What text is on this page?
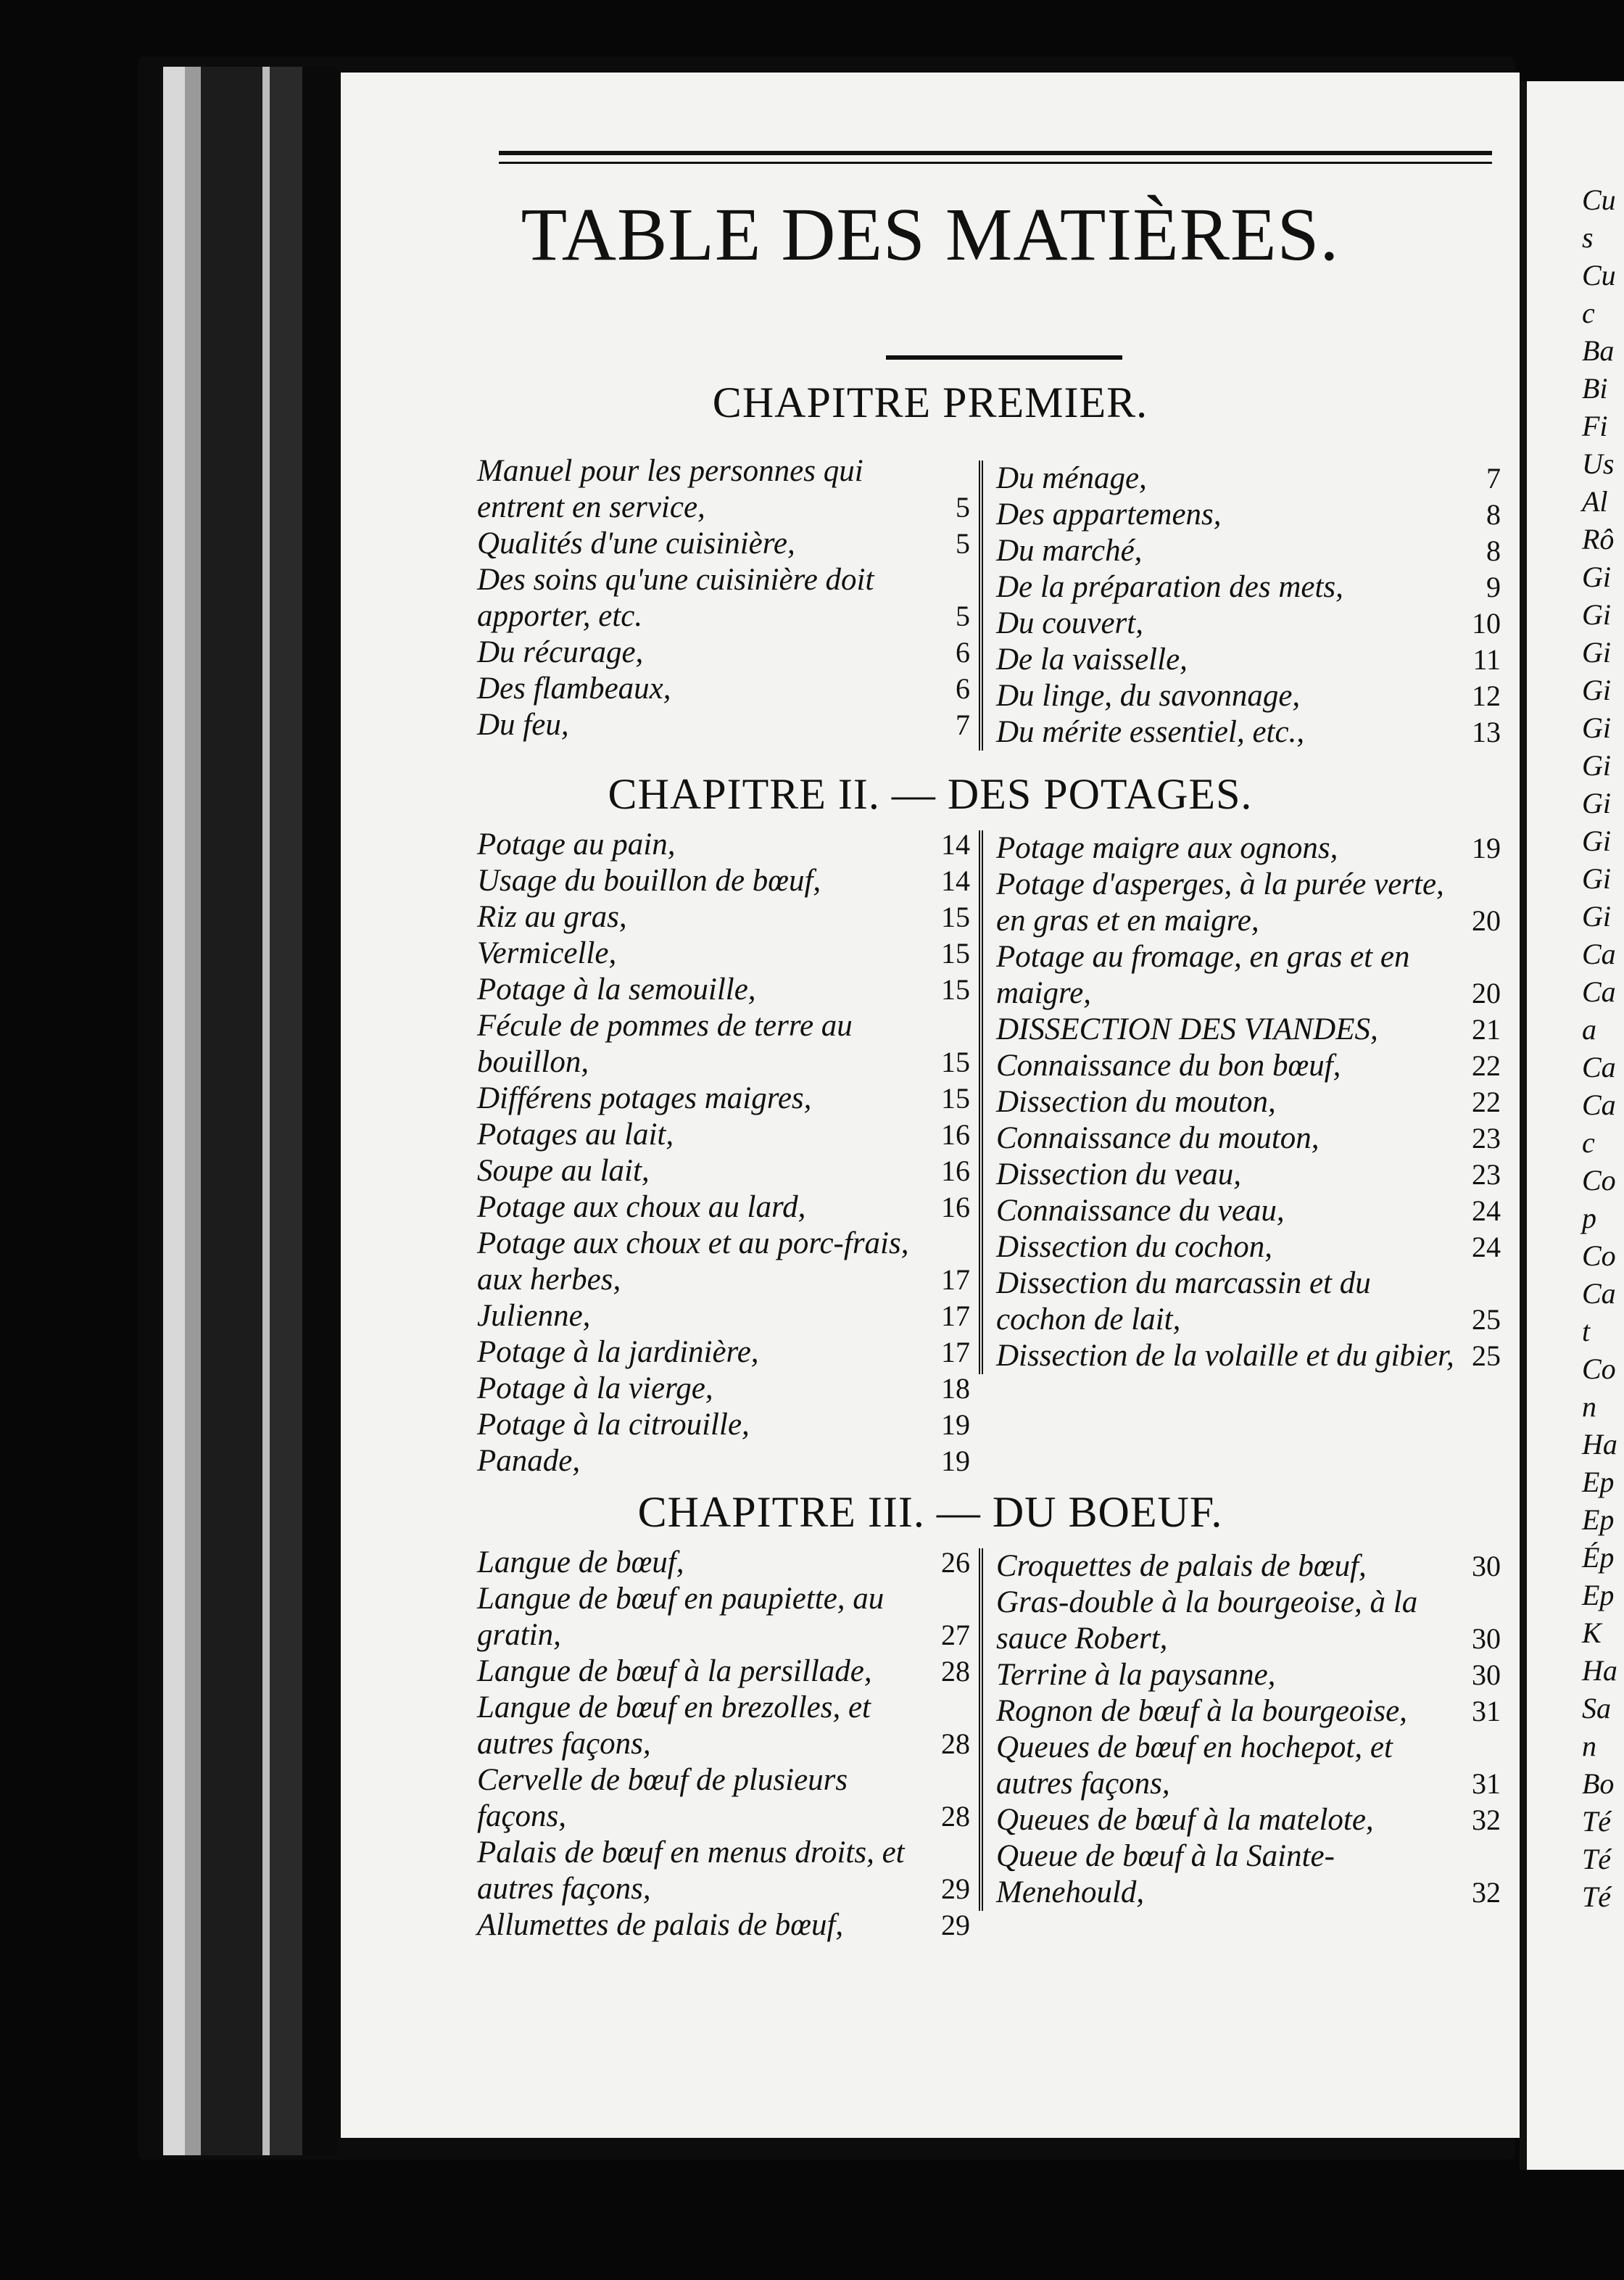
TABLE DES MATIÈRES.
CHAPITRE PREMIER.
Manuel pour les personnes qui entrent en service,	5
Qualités d'une cuisinière,	5
Des soins qu'une cuisinière doit apporter, etc.	5
Du récurage,	6
Des flambeaux,	6
Du feu,	7
Du ménage,	7
Des appartemens,	8
Du marché,	8
De la préparation des mets,	9
Du couvert,	10
De la vaisselle,	11
Du linge, du savonnage,	12
Du mérite essentiel, etc.,	13
CHAPITRE II. — DES POTAGES.
Potage au pain,	14
Usage du bouillon de bœuf,	14
Riz au gras,	15
Vermicelle,	15
Potage à la semouille,	15
Fécule de pommes de terre au bouillon,	15
Différens potages maigres,	15
Potages au lait,	16
Soupe au lait,	16
Potage aux choux au lard,	16
Potage aux choux et au porc-frais, aux herbes,	17
Julienne,	17
Potage à la jardinière,	17
Potage à la vierge,	18
Potage à la citrouille,	19
Panade,	19
Potage maigre aux ognons,	19
Potage d'asperges, à la purée verte, en gras et en maigre,	20
Potage au fromage, en gras et en maigre,	20
DISSECTION DES VIANDES,	21
Connaissance du bon bœuf,	22
Dissection du mouton,	22
Connaissance du mouton,	23
Dissection du veau,	23
Connaissance du veau,	24
Dissection du cochon,	24
Dissection du marcassin et du cochon de lait,	25
Dissection de la volaille et du gibier, 25
CHAPITRE III. — DU BOEUF.
Langue de bœuf,	26
Langue de bœuf en paupiette, au gratin,	27
Langue de bœuf à la persillade,	28
Langue de bœuf en brezolles, et autres façons,	28
Cervelle de bœuf de plusieurs façons,	28
Palais de bœuf en menus droits, et autres façons,	29
Allumettes de palais de bœuf,	29
Croquettes de palais de bœuf,	30
Gras-double à la bourgeoise, à la sauce Robert,	30
Terrine à la paysanne,	30
Rognon de bœuf à la bourgeoise,	31
Queues de bœuf en hochepot, et autres façons,	31
Queues de bœuf à la matelote,	32
Queue de bœuf à la Sainte-Menehould,	32
Cu
s
Cu
c
Ba
Bi
Fi
Us
Al
Rô
Gi
Gi
Gi
Gi
Gi
Gi
Gi
Gi
Gi
Gi
Ca
Ca
a
Ca
Ca
c
Co
p
Co
Ca
t
Co
n
Ha
Ep
Ep
Ép
Ep
K
Ha
Sa
n
Bo
Té
Té
Té
